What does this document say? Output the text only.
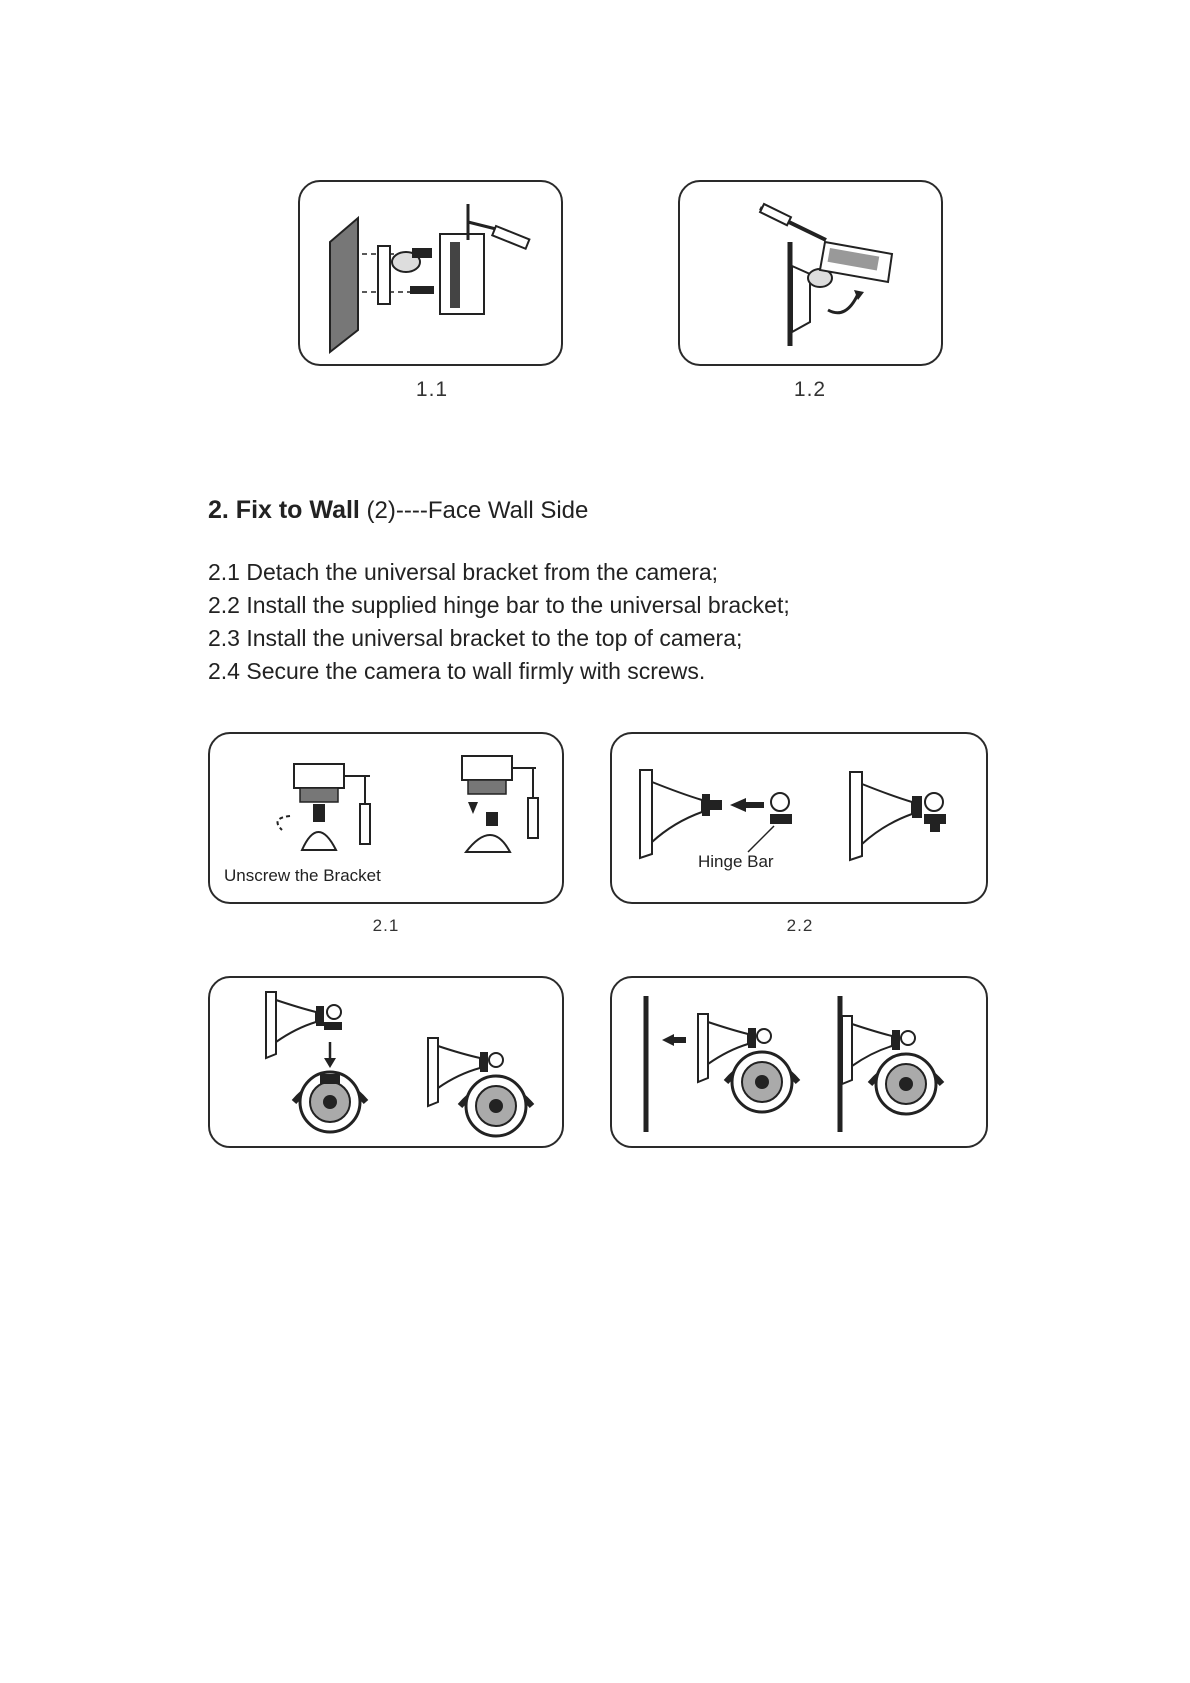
1.1	1.2
2. Fix to Wall (2)----Face Wall Side
2.1 Detach the universal bracket from the camera;
2.2 Install the supplied hinge bar to the universal bracket;
2.3 Install the universal bracket to the top of camera;
2.4 Secure the camera to wall firmly with screws.
Unscrew the Bracket
2.1
Hinge Bar
2.2
